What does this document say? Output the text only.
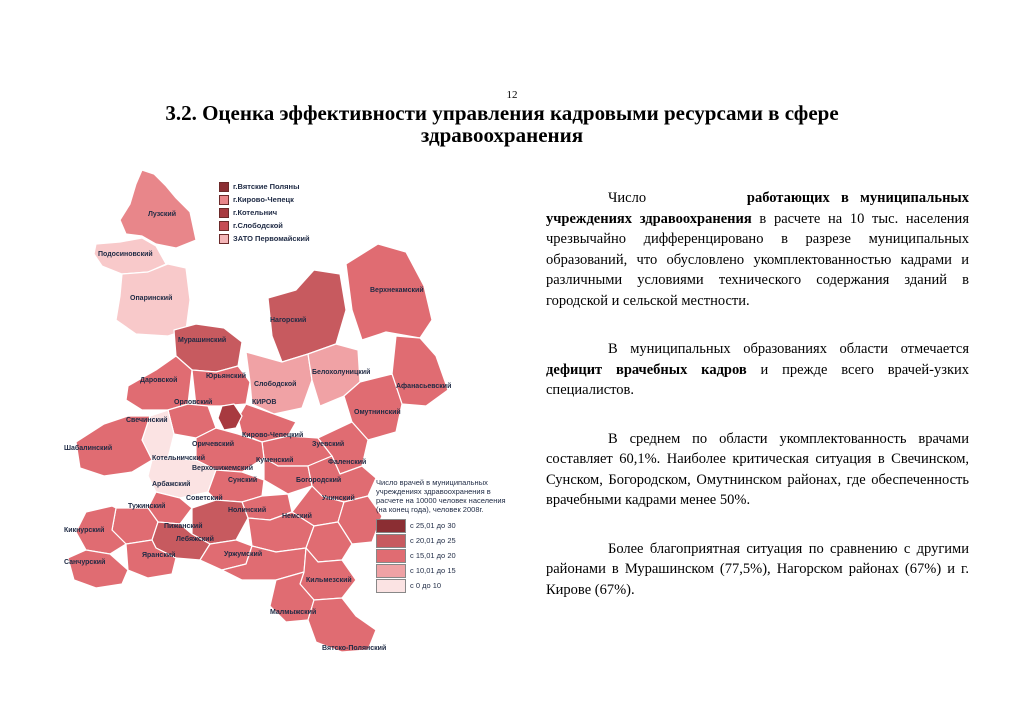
12
3.2. Оценка эффективности управления кадровыми ресурсами в сфере
здравоохранения
Лузский
Подосиновский
Опаринский
Мурашинский
Нагорский
Верхнекамский
Даровской
Юрьянский
Слободской
Белохолуницкий
Афанасьевский
Орловский	КИРОВ
Омутнинский
Свечинский
Кирово-Чепецкий
Шабалинский
Оричевский	Зуевский
Котельничский
Верхошижемский
Куменский	Фаленский
Арбажский
Сунский	Богородский
Тужинский
Советский
Нолинский
Унинский
Кикнурский
Пижанский
Лебяжский
Немский
Яранский
Санчурский
Уржумский
Кильмезский
Малмыжский
Вятско-Полянский
г.Вятские Поляны
г.Кирово-Чепецк
г.Котельнич
г.Слободской
ЗАТО Первомайский
Число врачей в муниципальных учреждениях здравоохранения в расчете на 10000 человек населения (на конец года), человек 2008г.
с 25,01 до 30
с 20,01 до 25
с 15,01 до 20
с 10,01 до 15
с 0 до 10

Число	работающих в муниципальных учреждениях здравоохранения в расчете на 10 тыс. населения чрезвычайно дифференцировано в разрезе муниципальных образований, что обусловлено укомплектованностью кадрами и различными условиями технического содержания зданий в городской и сельской местности.

В муниципальных образованиях области отмечается дефицит врачебных кадров и прежде всего врачей-узких специалистов.

В среднем по области укомплектованность врачами составляет 60,1%. Наиболее критическая ситуация в Свечинском, Сунском, Богородском, Омутнинском районах, где обеспеченность врачебными кадрами менее 50%.

Более благоприятная ситуация по сравнению с другими районами в Мурашинском (77,5%), Нагорском районах (67%) и г. Кирове (67%).
